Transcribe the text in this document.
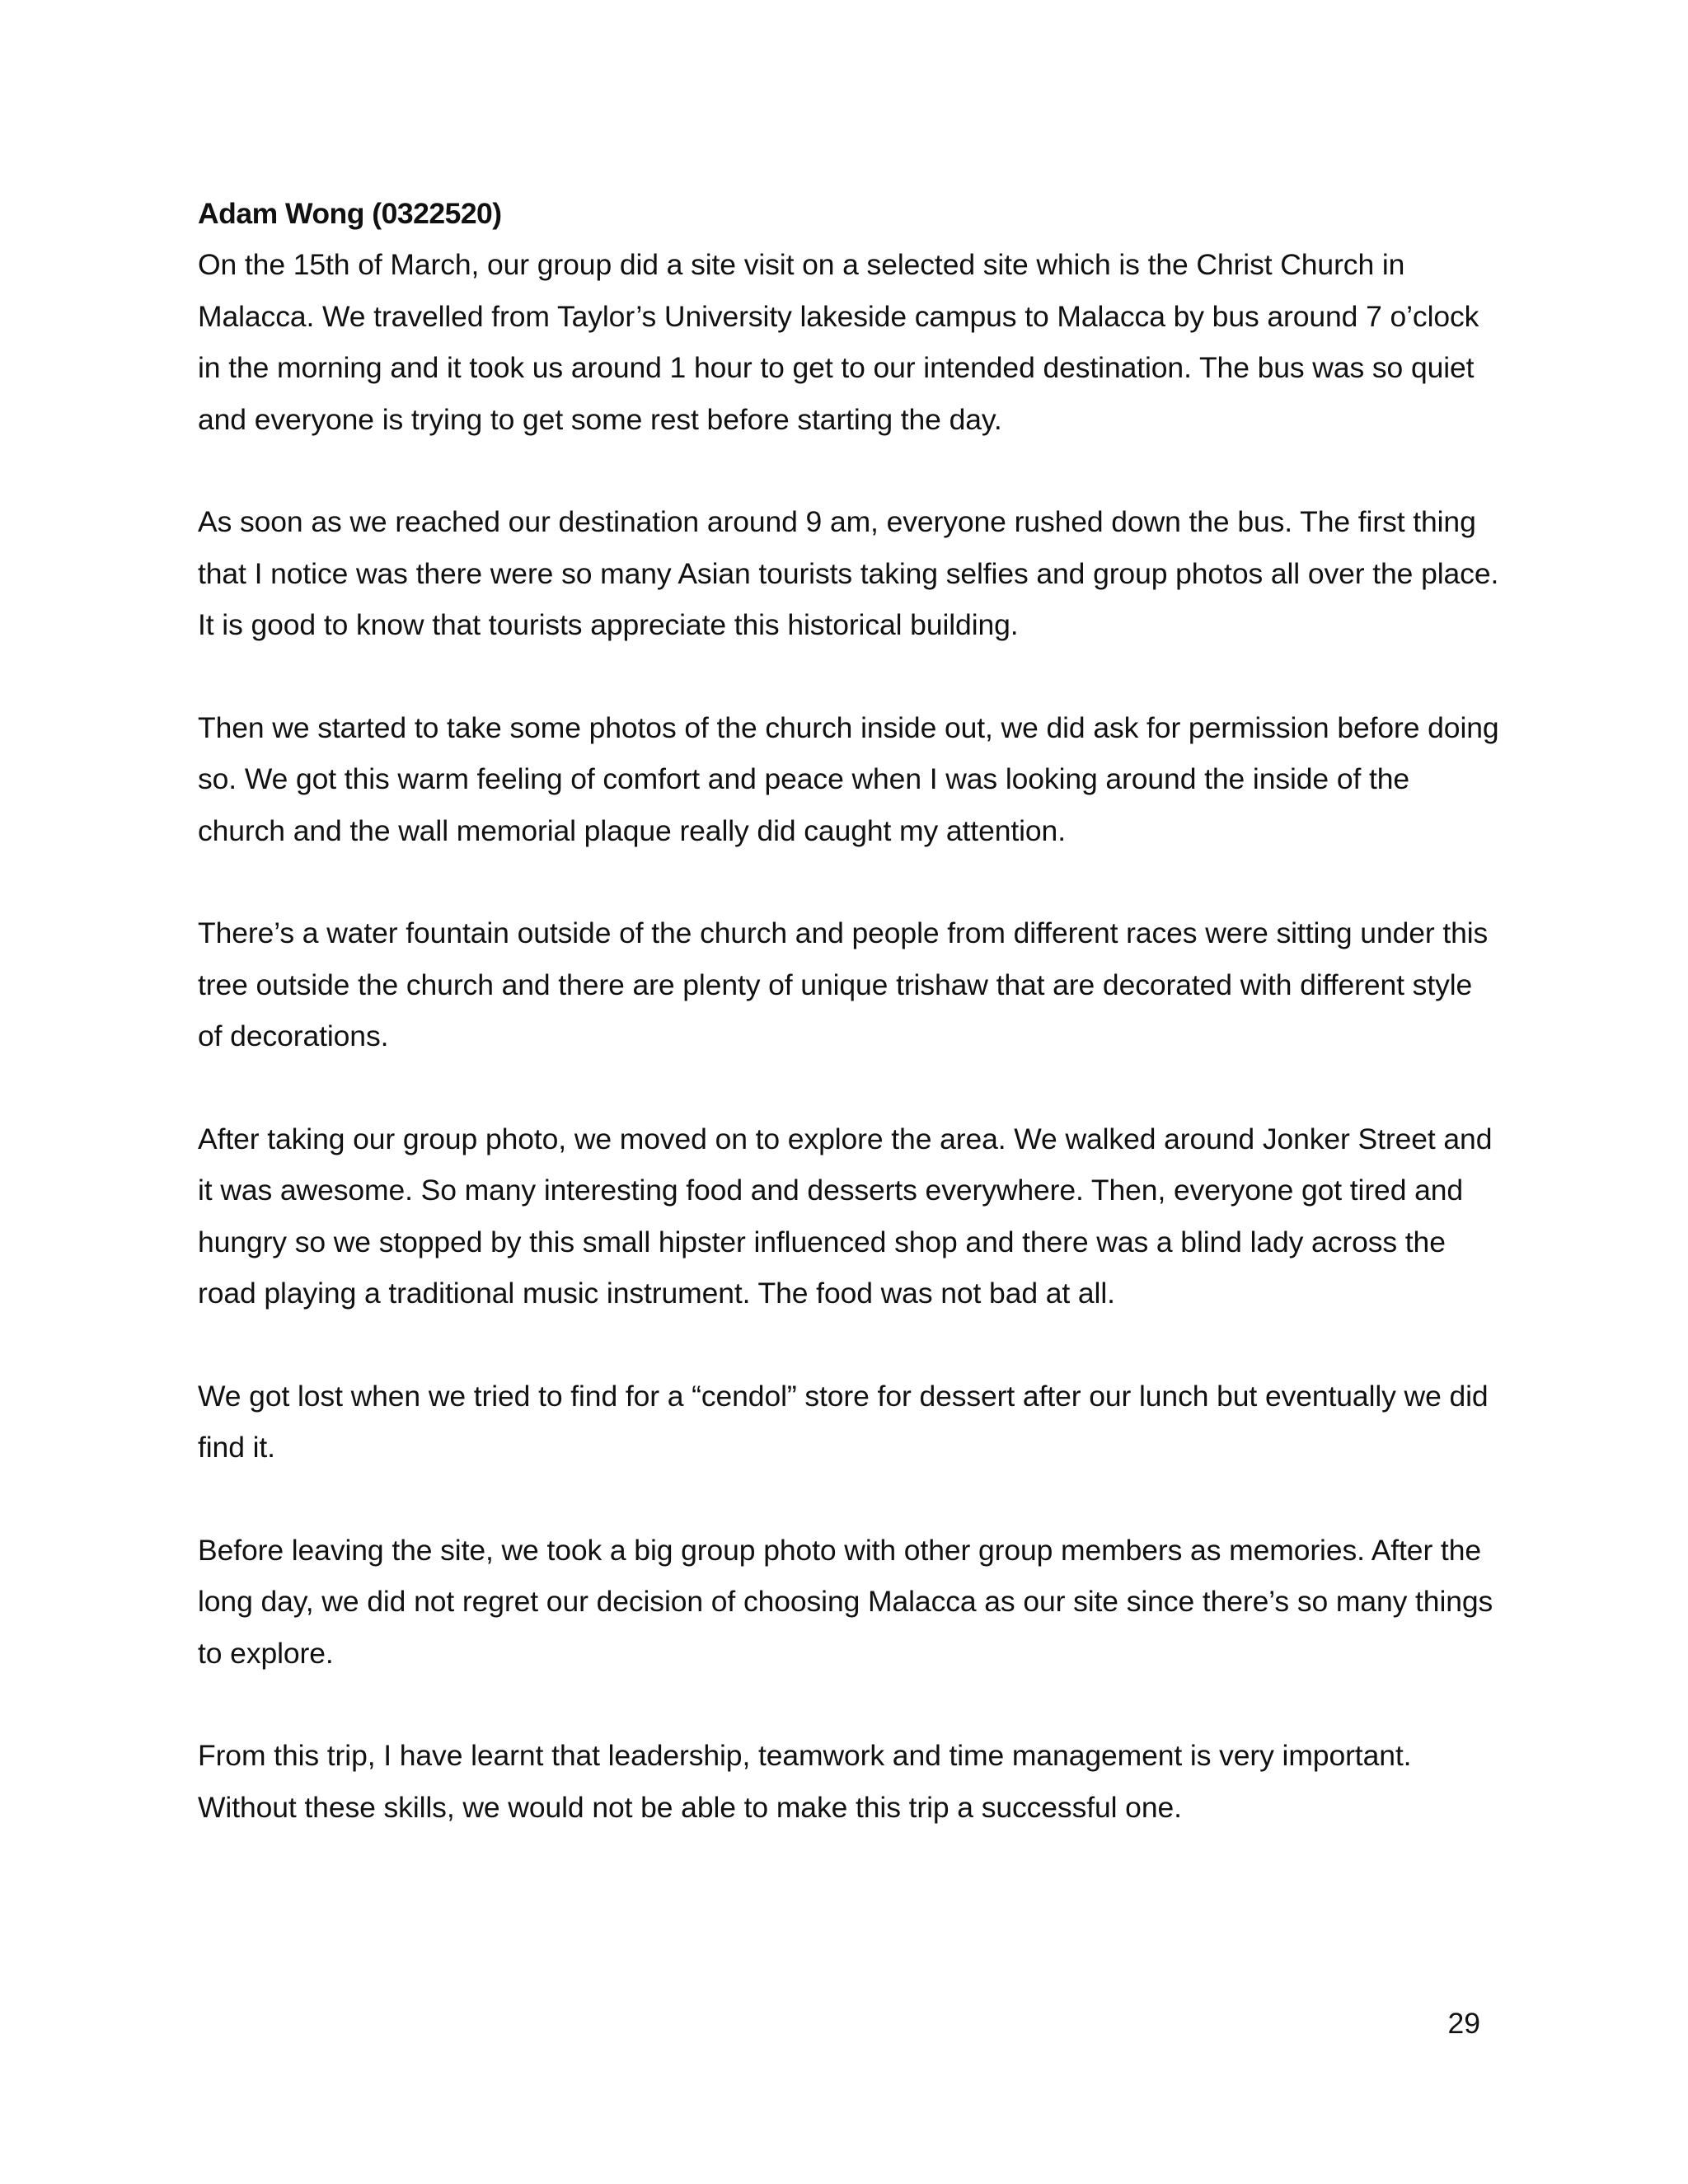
Adam Wong (0322520)

On the 15th of March, our group did a site visit on a selected site which is the Christ Church in Malacca. We travelled from Taylor’s University lakeside campus to Malacca by bus around 7 o’clock in the morning and it took us around 1 hour to get to our intended destination. The bus was so quiet and everyone is trying to get some rest before starting the day.

As soon as we reached our destination around 9 am, everyone rushed down the bus. The first thing that I notice was there were so many Asian tourists taking selfies and group photos all over the place. It is good to know that tourists appreciate this historical building.

Then we started to take some photos of the church inside out, we did ask for permission before doing so. We got this warm feeling of comfort and peace when I was looking around the inside of the church and the wall memorial plaque really did caught my attention.

There’s a water fountain outside of the church and people from different races were sitting under this tree outside the church and there are plenty of unique trishaw that are decorated with different style of decorations.

After taking our group photo, we moved on to explore the area. We walked around Jonker Street and it was awesome. So many interesting food and desserts everywhere. Then, everyone got tired and hungry so we stopped by this small hipster influenced shop and there was a blind lady across the road playing a traditional music instrument. The food was not bad at all.

We got lost when we tried to find for a “cendol” store for dessert after our lunch but eventually we did find it.

Before leaving the site, we took a big group photo with other group members as memories. After the long day, we did not regret our decision of choosing Malacca as our site since there’s so many things to explore.

From this trip, I have learnt that leadership, teamwork and time management is very important. Without these skills, we would not be able to make this trip a successful one.

29
